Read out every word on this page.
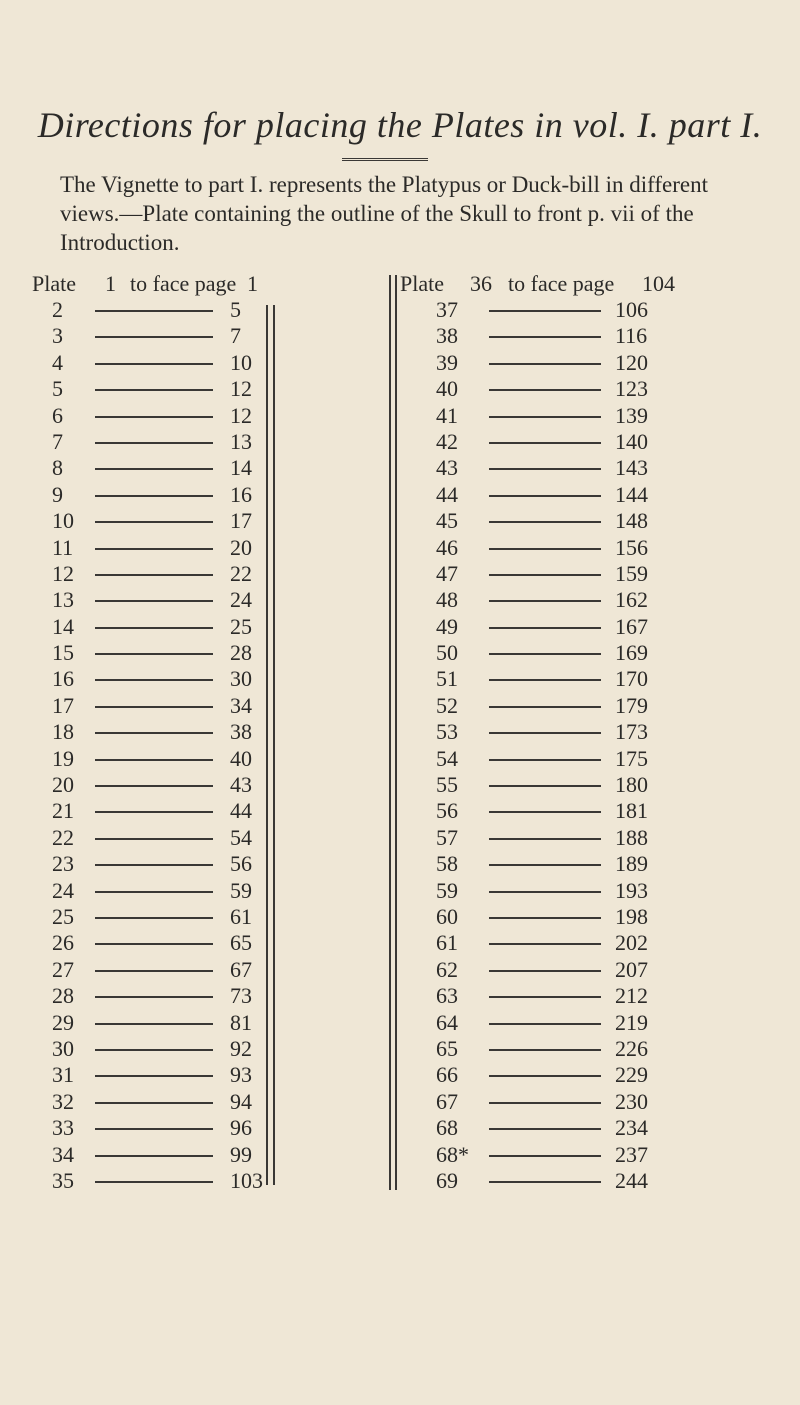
Directions for placing the Plates in vol. I. part I.

The Vignette to part I. represents the Platypus or Duck-bill in different views.—Plate containing the outline of the Skull to front p. vii of the Introduction.

Plate 1 to face page 1
2	5
3	7
4	10
5	12
6	12
7	13
8	14
9	16
10	17
11	20
12	22
13	24
14	25
15	28
16	30
17	34
18	38
19	40
20	43
21	44
22	54
23	56
24	59
25	61
26	65
27	67
28	73
29	81
30	92
31	93
32	94
33	96
34	99
35	103
Plate 36 to face page 104
37	106
38	116
39	120
40	123
41	139
42	140
43	143
44	144
45	148
46	156
47	159
48	162
49	167
50	169
51	170
52	179
53	173
54	175
55	180
56	181
57	188
58	189
59	193
60	198
61	202
62	207
63	212
64	219
65	226
66	229
67	230
68	234
68*	237
69	244
